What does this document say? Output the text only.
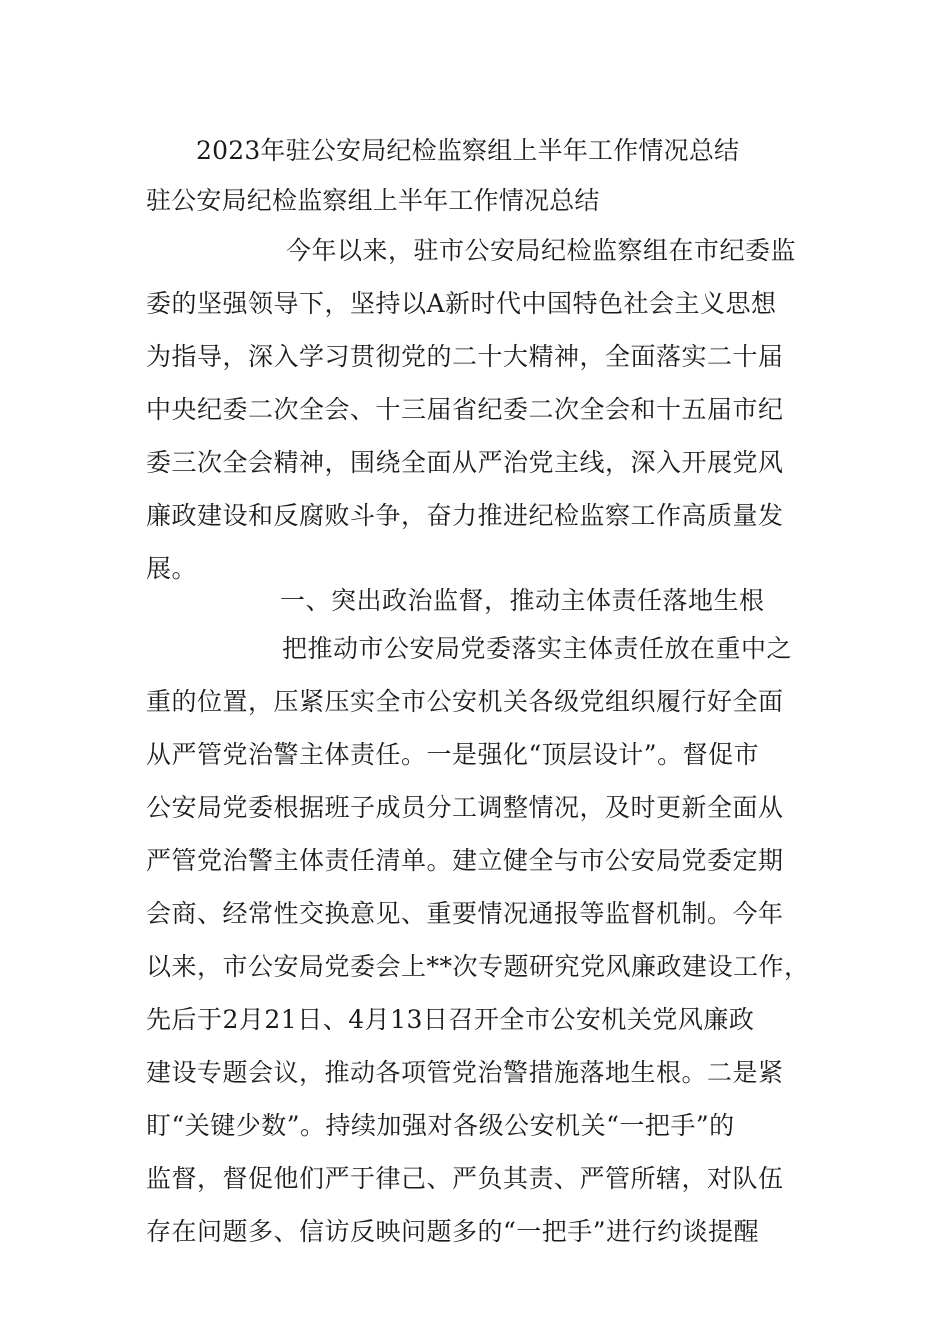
2023年驻公安局纪检监察组上半年工作情况总结
驻公安局纪检监察组上半年工作情况总结
今年以来，驻市公安局纪检监察组在市纪委监
委的坚强领导下，坚持以A新时代中国特色社会主义思想
为指导，深入学习贯彻党的二十大精神，全面落实二十届
中央纪委二次全会、十三届省纪委二次全会和十五届市纪
委三次全会精神，围绕全面从严治党主线，深入开展党风
廉政建设和反腐败斗争，奋力推进纪检监察工作高质量发
展。
一、突出政治监督，推动主体责任落地生根
把推动市公安局党委落实主体责任放在重中之
重的位置，压紧压实全市公安机关各级党组织履行好全面
从严管党治警主体责任。一是强化“顶层设计”。督促市
公安局党委根据班子成员分工调整情况，及时更新全面从
严管党治警主体责任清单。建立健全与市公安局党委定期
会商、经常性交换意见、重要情况通报等监督机制。今年
以来，市公安局党委会上**次专题研究党风廉政建设工作，
先后于2月21日、4月13日召开全市公安机关党风廉政
建设专题会议，推动各项管党治警措施落地生根。二是紧
盯“关键少数”。持续加强对各级公安机关“一把手”的
监督，督促他们严于律己、严负其责、严管所辖，对队伍
存在问题多、信访反映问题多的“一把手”进行约谈提醒
